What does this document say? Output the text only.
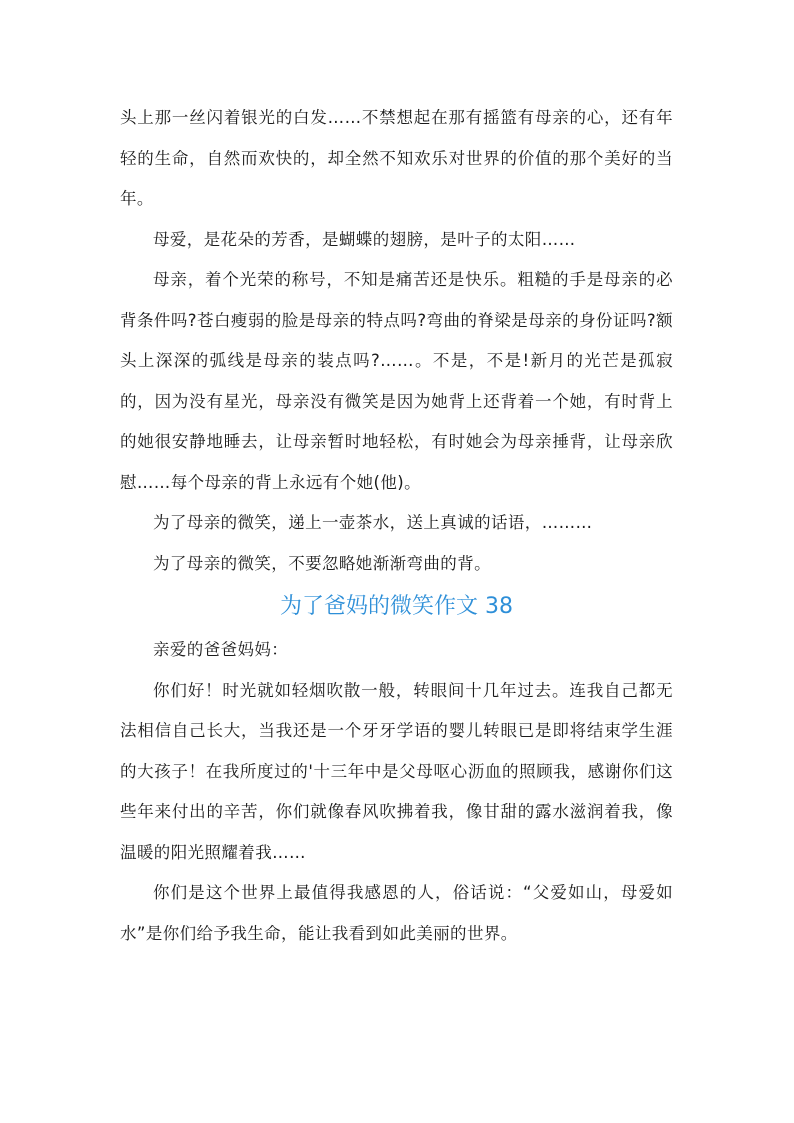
头上那一丝闪着银光的白发……不禁想起在那有摇篮有母亲的心，还有年轻的生命，自然而欢快的，却全然不知欢乐对世界的价值的那个美好的当年。

母爱，是花朵的芳香，是蝴蝶的翅膀，是叶子的太阳……

母亲，着个光荣的称号，不知是痛苦还是快乐。粗糙的手是母亲的必背条件吗?苍白瘦弱的脸是母亲的特点吗?弯曲的脊梁是母亲的身份证吗?额头上深深的弧线是母亲的装点吗?……。不是，不是!新月的光芒是孤寂的，因为没有星光，母亲没有微笑是因为她背上还背着一个她，有时背上的她很安静地睡去，让母亲暂时地轻松，有时她会为母亲捶背，让母亲欣慰……每个母亲的背上永远有个她(他)。

为了母亲的微笑，递上一壶茶水，送上真诚的话语，………

为了母亲的微笑，不要忽略她渐渐弯曲的背。

为了爸妈的微笑作文 38

亲爱的爸爸妈妈：

你们好！时光就如轻烟吹散一般，转眼间十几年过去。连我自己都无法相信自己长大，当我还是一个牙牙学语的婴儿转眼已是即将结束学生涯的大孩子！在我所度过的'十三年中是父母呕心沥血的照顾我，感谢你们这些年来付出的辛苦，你们就像春风吹拂着我，像甘甜的露水滋润着我，像温暖的阳光照耀着我……

你们是这个世界上最值得我感恩的人，俗话说：“父爱如山，母爱如水”是你们给予我生命，能让我看到如此美丽的世界。
